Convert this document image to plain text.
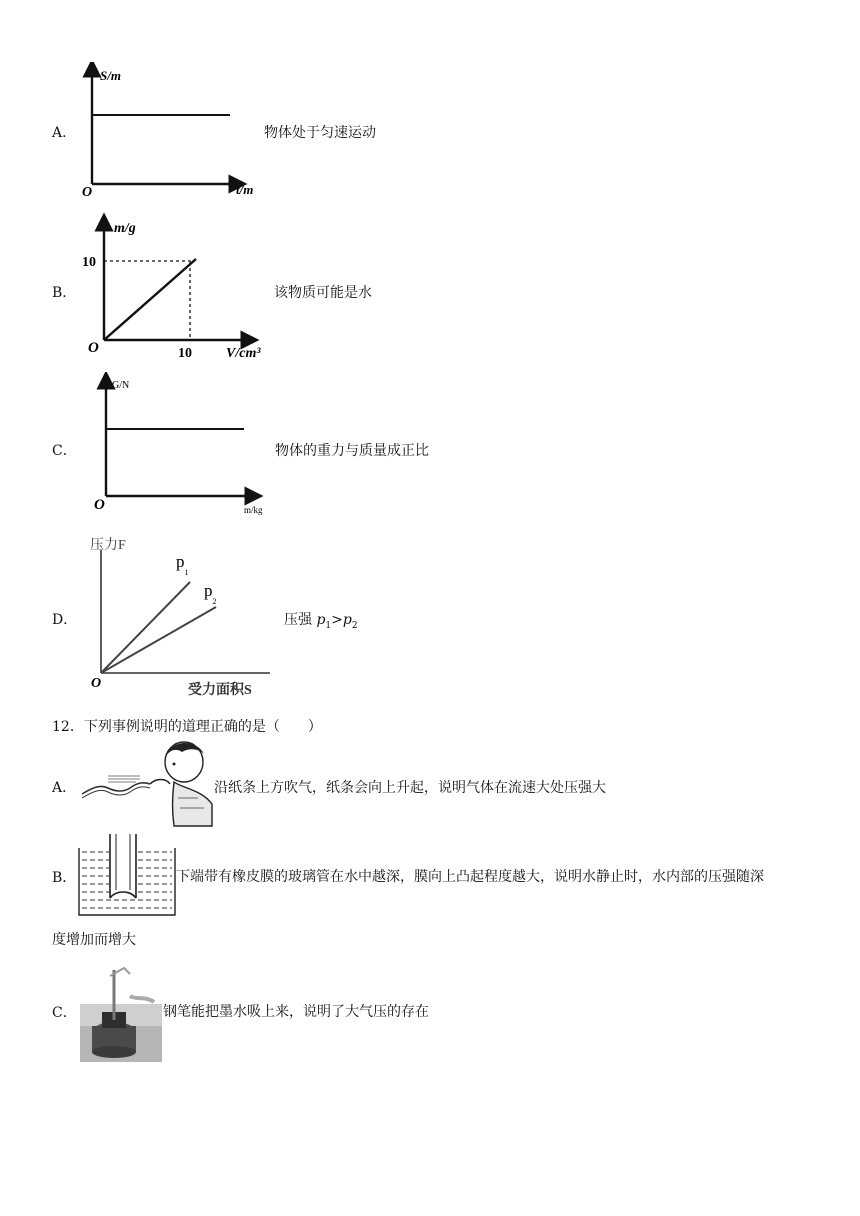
A．
S/m
t/m
O
物体处于匀速运动
B．
m/g
10
10 V/cm³
O
该物质可能是水
C．
G/N
m/kg
O
物体的重力与质量成正比
D．
压力F
受力面积S
O
$p_1$
$p_2$
压强 $p_1>p_2$
12．下列事例说明的道理正确的是（　　）
A．	沿纸条上方吹气，纸条会向上升起，说明气体在流速大处压强大
B．	下端带有橡皮膜的玻璃管在水中越深，膜向上凸起程度越大，说明水静止时，水内部的压强随深
度增加而增大
C．	钢笔能把墨水吸上来，说明了大气压的存在
